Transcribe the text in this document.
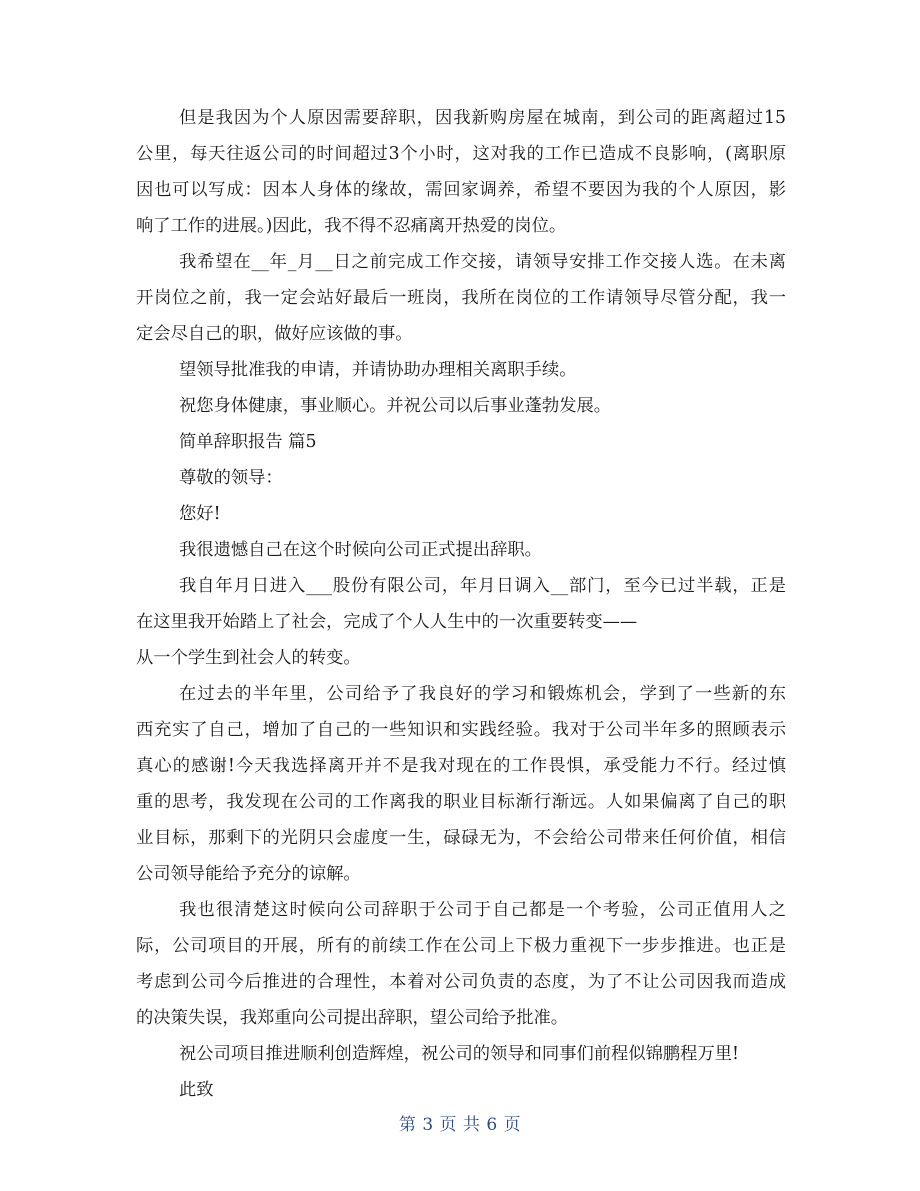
但是我因为个人原因需要辞职，因我新购房屋在城南，到公司的距离超过15
公里，每天往返公司的时间超过3个小时，这对我的工作已造成不良影响，(离职原
因也可以写成：因本人身体的缘故，需回家调养，希望不要因为我的个人原因，影
响了工作的进展。)因此，我不得不忍痛离开热爱的岗位。
我希望在__年_月__日之前完成工作交接，请领导安排工作交接人选。在未离
开岗位之前，我一定会站好最后一班岗，我所在岗位的工作请领导尽管分配，我一
定会尽自己的职，做好应该做的事。
望领导批准我的申请，并请协助办理相关离职手续。
祝您身体健康，事业顺心。并祝公司以后事业蓬勃发展。
简单辞职报告 篇5
尊敬的领导：
您好!
我很遗憾自己在这个时候向公司正式提出辞职。
我自年月日进入___股份有限公司，年月日调入__部门，至今已过半载，正是
在这里我开始踏上了社会，完成了个人人生中的一次重要转变——
从一个学生到社会人的转变。
在过去的半年里，公司给予了我良好的学习和锻炼机会，学到了一些新的东
西充实了自己，增加了自己的一些知识和实践经验。我对于公司半年多的照顾表示
真心的感谢!今天我选择离开并不是我对现在的工作畏惧，承受能力不行。经过慎
重的思考，我发现在公司的工作离我的职业目标渐行渐远。人如果偏离了自己的职
业目标，那剩下的光阴只会虚度一生，碌碌无为，不会给公司带来任何价值，相信
公司领导能给予充分的谅解。
我也很清楚这时候向公司辞职于公司于自己都是一个考验，公司正值用人之
际，公司项目的开展，所有的前续工作在公司上下极力重视下一步步推进。也正是
考虑到公司今后推进的合理性，本着对公司负责的态度，为了不让公司因我而造成
的决策失误，我郑重向公司提出辞职，望公司给予批准。
祝公司项目推进顺利创造辉煌，祝公司的领导和同事们前程似锦鹏程万里!
此致
第 3 页 共 6 页
